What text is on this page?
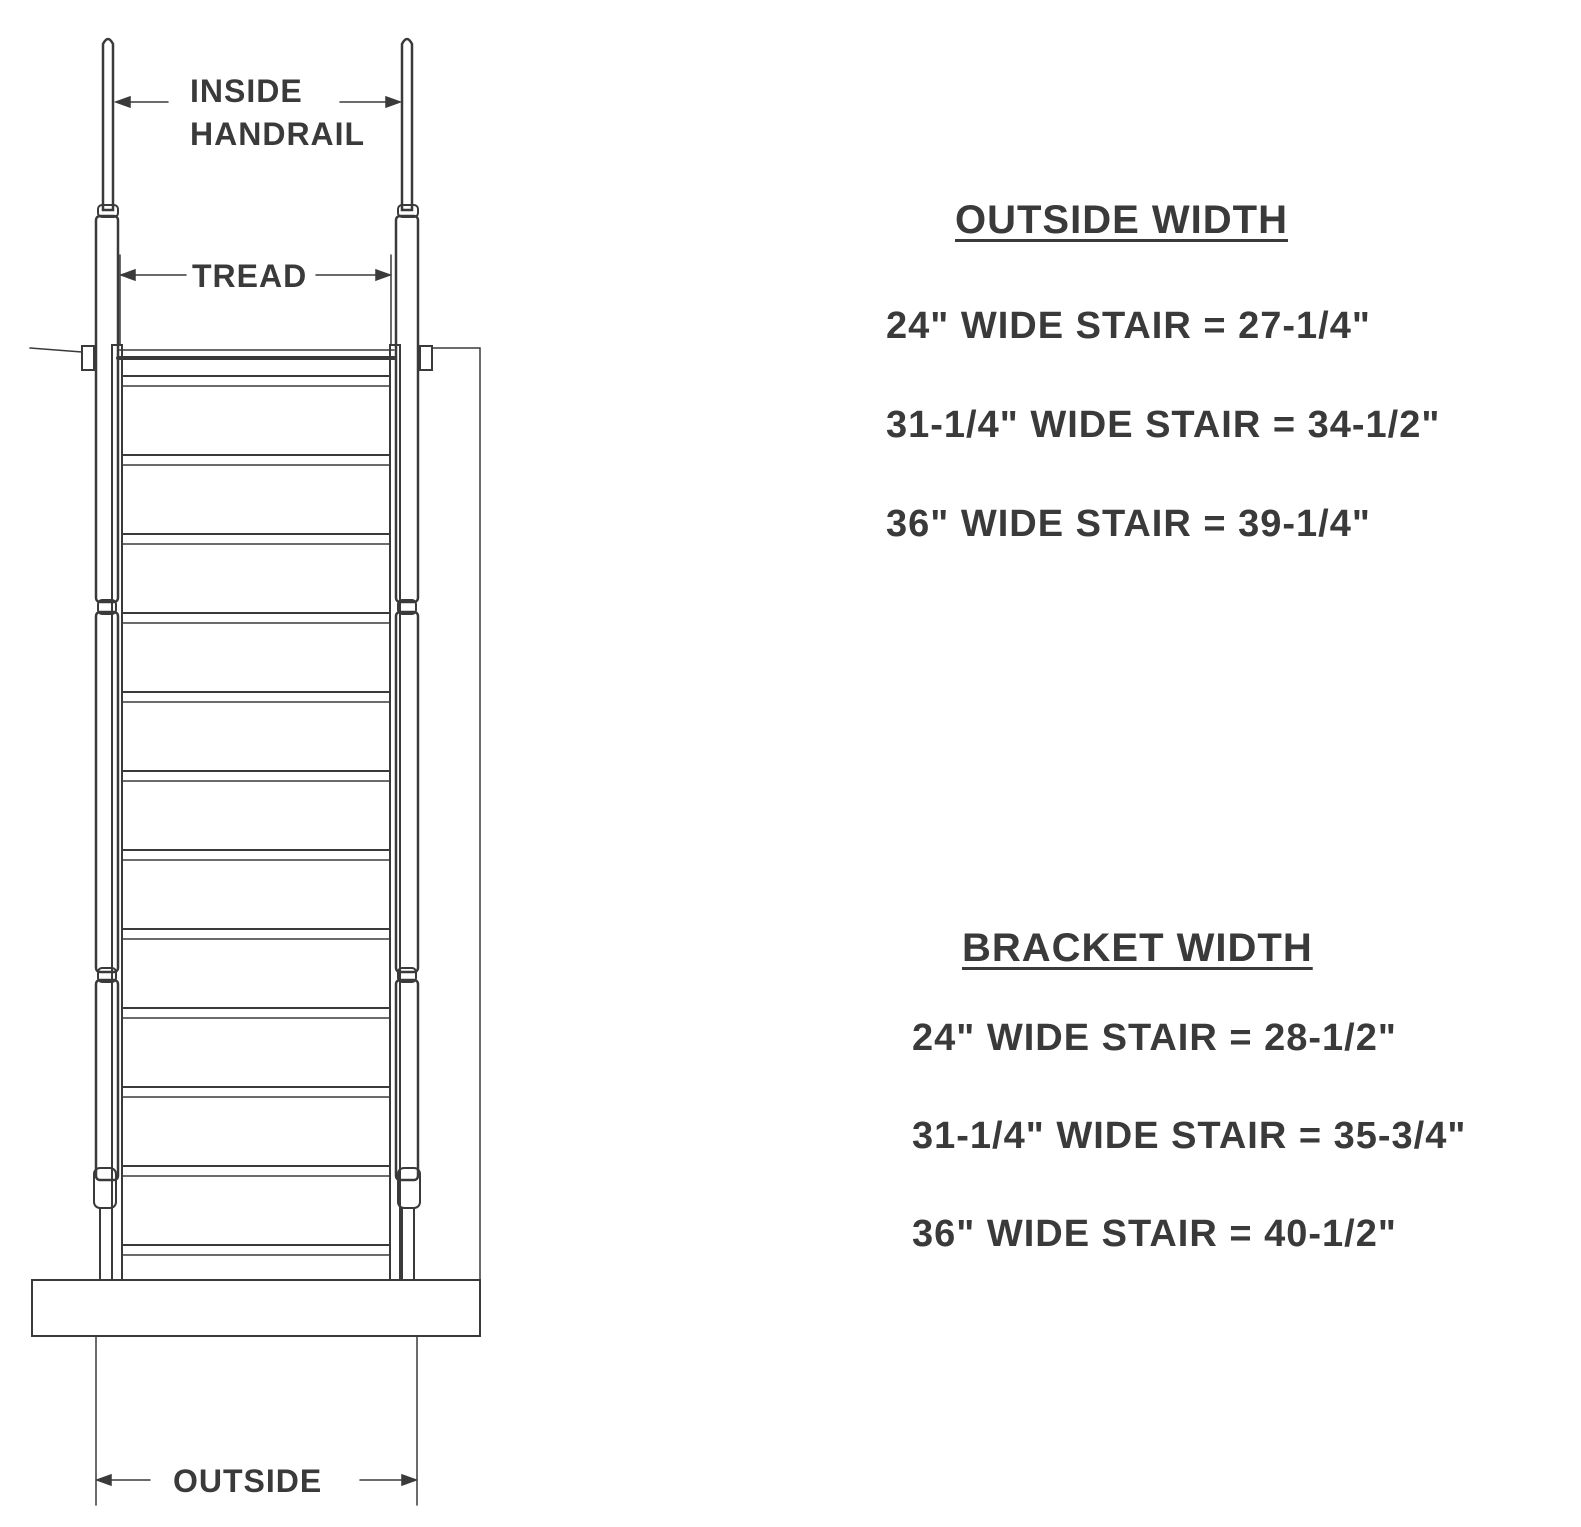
INSIDE
HANDRAIL
TREAD
OUTSIDE
OUTSIDE WIDTH
24" WIDE STAIR = 27-1/4"
31-1/4" WIDE STAIR = 34-1/2"
36" WIDE STAIR = 39-1/4"
BRACKET WIDTH
24" WIDE STAIR = 28-1/2"
31-1/4" WIDE STAIR = 35-3/4"
36" WIDE STAIR = 40-1/2"
